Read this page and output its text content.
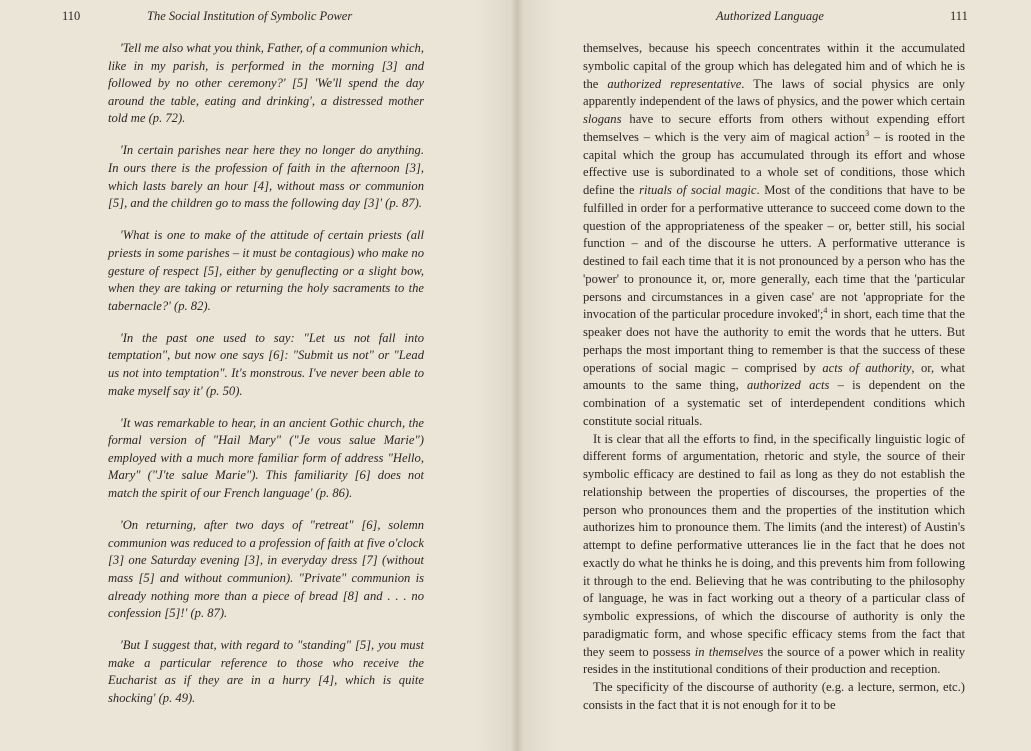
110	The Social Institution of Symbolic Power

'Tell me also what you think, Father, of a communion which, like in my parish, is performed in the morning [3] and followed by no other ceremony?' [5] 'We'll spend the day around the table, eating and drinking', a distressed mother told me (p. 72).

'In certain parishes near here they no longer do anything. In ours there is the profession of faith in the afternoon [3], which lasts barely an hour [4], without mass or communion [5], and the children go to mass the following day [3]' (p. 87).

'What is one to make of the attitude of certain priests (all priests in some parishes – it must be contagious) who make no gesture of respect [5], either by genuflecting or a slight bow, when they are taking or returning the holy sacraments to the tabernacle?' (p. 82).

'In the past one used to say: "Let us not fall into temptation", but now one says [6]: "Submit us not" or "Lead us not into temptation". It's monstrous. I've never been able to make myself say it' (p. 50).

'It was remarkable to hear, in an ancient Gothic church, the formal version of "Hail Mary" ("Je vous salue Marie") employed with a much more familiar form of address "Hello, Mary" ("J'te salue Marie"). This familiarity [6] does not match the spirit of our French language' (p. 86).

'On returning, after two days of "retreat" [6], solemn communion was reduced to a profession of faith at five o'clock [3] one Saturday evening [3], in everyday dress [7] (without mass [5] and without communion). "Private" communion is already nothing more than a piece of bread [8] and . . . no confession [5]!' (p. 87).

'But I suggest that, with regard to "standing" [5], you must make a particular reference to those who receive the Eucharist as if they are in a hurry [4], which is quite shocking' (p. 49).

Authorized Language	111

themselves, because his speech concentrates within it the accumulated symbolic capital of the group which has delegated him and of which he is the authorized representative. The laws of social physics are only apparently independent of the laws of physics, and the power which certain slogans have to secure efforts from others without expending effort themselves – which is the very aim of magical action$^3$ – is rooted in the capital which the group has accumulated through its effort and whose effective use is subordinated to a whole set of conditions, those which define the rituals of social magic. Most of the conditions that have to be fulfilled in order for a performative utterance to succeed come down to the question of the appropriateness of the speaker – or, better still, his social function – and of the discourse he utters. A performative utterance is destined to fail each time that it is not pronounced by a person who has the 'power' to pronounce it, or, more generally, each time that the 'particular persons and circumstances in a given case' are not 'appropriate for the invocation of the particular procedure invoked';$^4$ in short, each time that the speaker does not have the authority to emit the words that he utters. But perhaps the most important thing to remember is that the success of these operations of social magic – comprised by acts of authority, or, what amounts to the same thing, authorized acts – is dependent on the combination of a systematic set of interdependent conditions which constitute social rituals.

It is clear that all the efforts to find, in the specifically linguistic logic of different forms of argumentation, rhetoric and style, the source of their symbolic efficacy are destined to fail as long as they do not establish the relationship between the properties of discourses, the properties of the person who pronounces them and the properties of the institution which authorizes him to pronounce them. The limits (and the interest) of Austin's attempt to define performative utterances lie in the fact that he does not exactly do what he thinks he is doing, and this prevents him from following it through to the end. Believing that he was contributing to the philosophy of language, he was in fact working out a theory of a particular class of symbolic expressions, of which the discourse of authority is only the paradigmatic form, and whose specific efficacy stems from the fact that they seem to possess in themselves the source of a power which in reality resides in the institutional conditions of their production and reception.

The specificity of the discourse of authority (e.g. a lecture, sermon, etc.) consists in the fact that it is not enough for it to be
